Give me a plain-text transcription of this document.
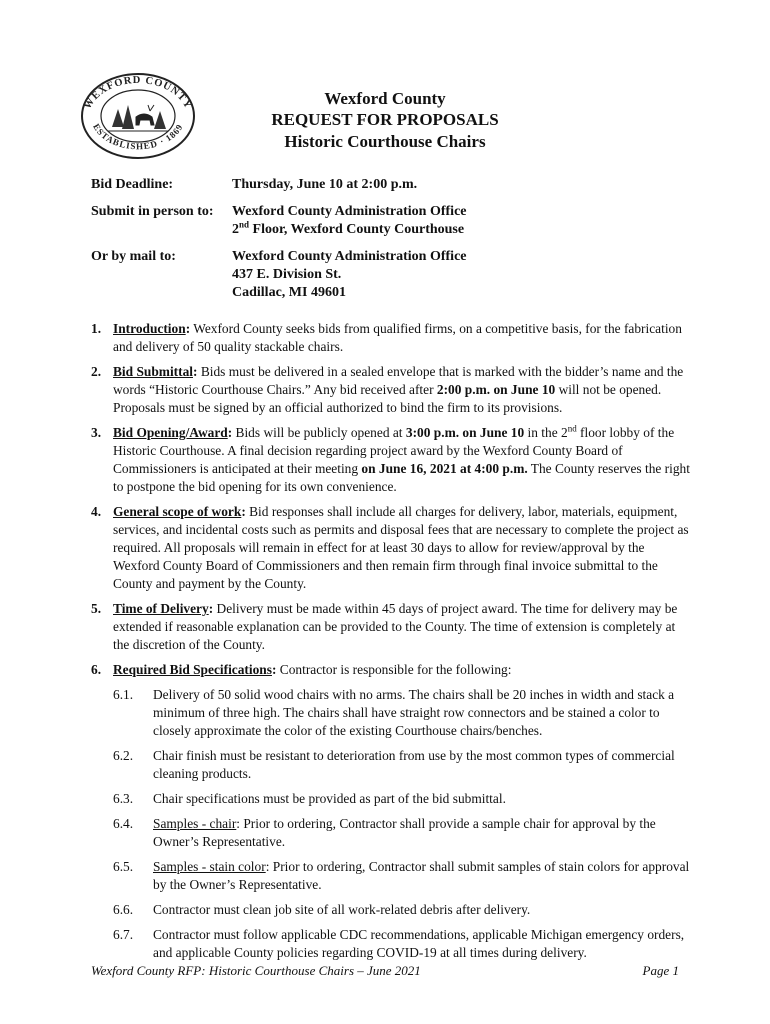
WEXFORD COUNTY
ESTABLISHED · 1869
Wexford County
REQUEST FOR PROPOSALS
Historic Courthouse Chairs
Bid Deadline:	Thursday, June 10 at 2:00 p.m.
Submit in person to: Wexford County Administration Office
2nd Floor, Wexford County Courthouse
Or by mail to:	Wexford County Administration Office
437 E. Division St.
Cadillac, MI 49601
1. Introduction: Wexford County seeks bids from qualified firms, on a competitive basis, for the fabrication and delivery of 50 quality stackable chairs.
2. Bid Submittal: Bids must be delivered in a sealed envelope that is marked with the bidder’s name and the words “Historic Courthouse Chairs.” Any bid received after 2:00 p.m. on June 10 will not be opened. Proposals must be signed by an official authorized to bind the firm to its provisions.
3. Bid Opening/Award: Bids will be publicly opened at 3:00 p.m. on June 10 in the 2nd floor lobby of the Historic Courthouse. A final decision regarding project award by the Wexford County Board of Commissioners is anticipated at their meeting on June 16, 2021 at 4:00 p.m. The County reserves the right to postpone the bid opening for its own convenience.
4. General scope of work: Bid responses shall include all charges for delivery, labor, materials, equipment, services, and incidental costs such as permits and disposal fees that are necessary to complete the project as required. All proposals will remain in effect for at least 30 days to allow for review/approval by the Wexford County Board of Commissioners and then remain firm through final invoice submittal to the County and payment by the County.
5. Time of Delivery: Delivery must be made within 45 days of project award. The time for delivery may be extended if reasonable explanation can be provided to the County. The time of extension is completely at the discretion of the County.
6. Required Bid Specifications: Contractor is responsible for the following:
6.1. Delivery of 50 solid wood chairs with no arms. The chairs shall be 20 inches in width and stack a minimum of three high. The chairs shall have straight row connectors and be stained a color to closely approximate the color of the existing Courthouse chairs/benches.
6.2. Chair finish must be resistant to deterioration from use by the most common types of commercial cleaning products.
6.3. Chair specifications must be provided as part of the bid submittal.
6.4. Samples - chair: Prior to ordering, Contractor shall provide a sample chair for approval by the Owner’s Representative.
6.5. Samples - stain color: Prior to ordering, Contractor shall submit samples of stain colors for approval by the Owner’s Representative.
6.6. Contractor must clean job site of all work-related debris after delivery.
6.7. Contractor must follow applicable CDC recommendations, applicable Michigan emergency orders, and applicable County policies regarding COVID-19 at all times during delivery.
Wexford County RFP: Historic Courthouse Chairs – June 2021	Page 1
